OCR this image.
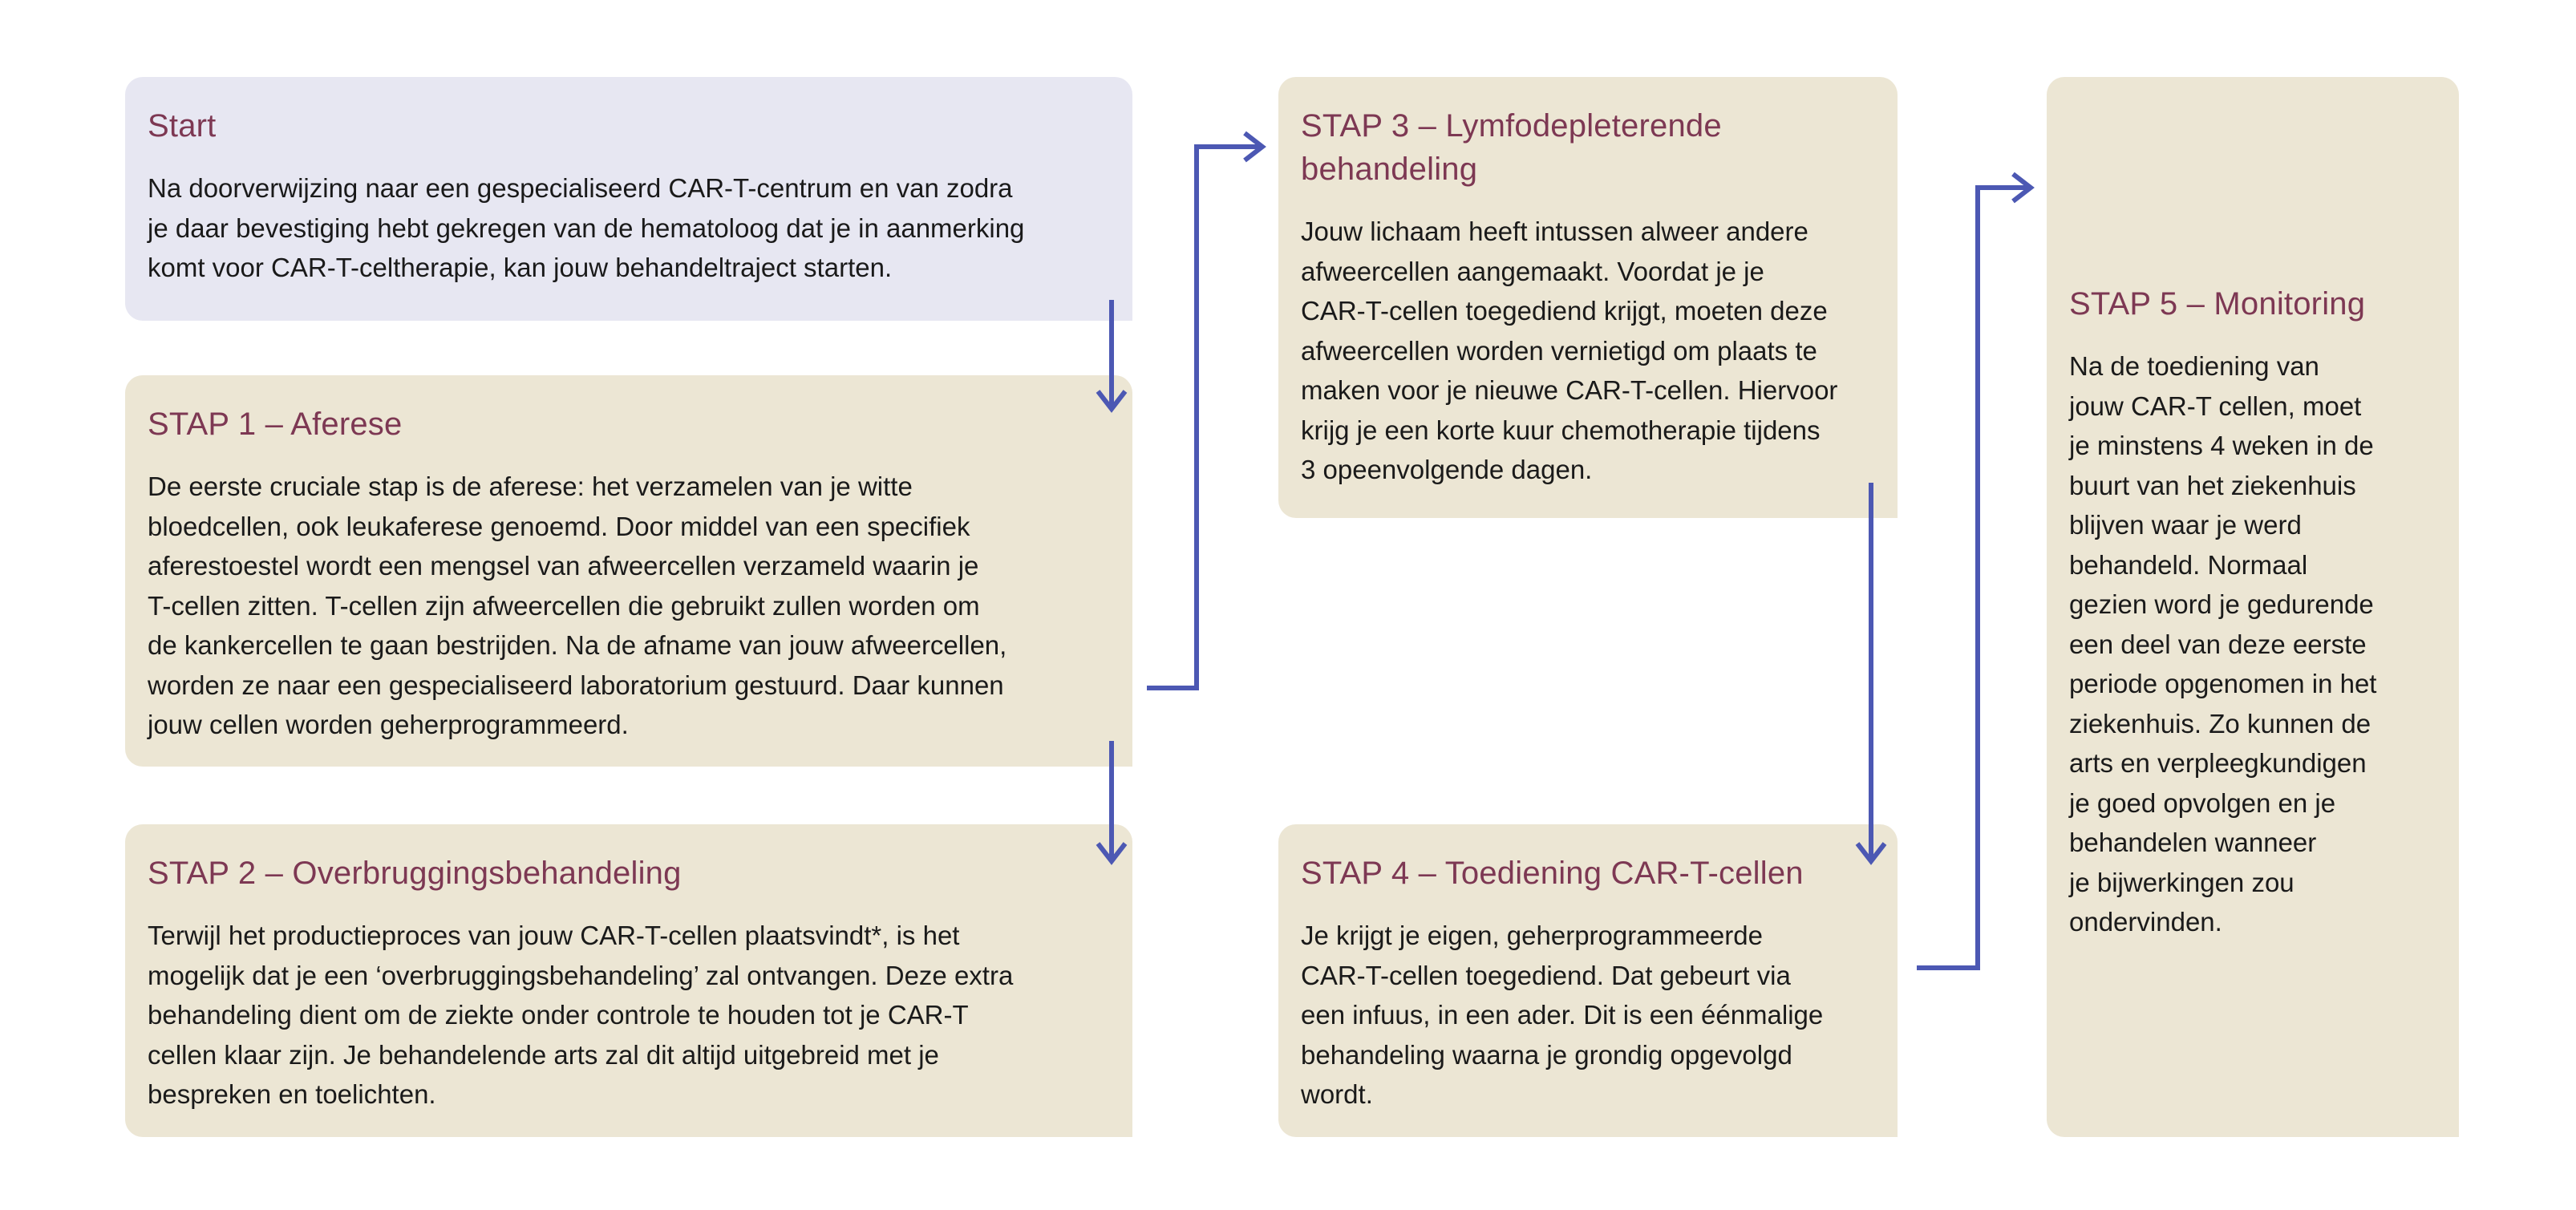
Start

Na doorverwijzing naar een gespecialiseerd CAR-T-centrum en van zodra
je daar bevestiging hebt gekregen van de hematoloog dat je in aanmerking
komt voor CAR-T-celtherapie, kan jouw behandeltraject starten.

STAP 1 – Aferese

De eerste cruciale stap is de aferese: het verzamelen van je witte
bloedcellen, ook leukaferese genoemd. Door middel van een specifiek
aferestoestel wordt een mengsel van afweercellen verzameld waarin je
T-cellen zitten. T-cellen zijn afweercellen die gebruikt zullen worden om
de kankercellen te gaan bestrijden. Na de afname van jouw afweercellen,
worden ze naar een gespecialiseerd laboratorium gestuurd. Daar kunnen
jouw cellen worden geherprogrammeerd.

STAP 2 – Overbruggingsbehandeling

Terwijl het productieproces van jouw CAR-T-cellen plaatsvindt*, is het
mogelijk dat je een ‘overbruggingsbehandeling’ zal ontvangen. Deze extra
behandeling dient om de ziekte onder controle te houden tot je CAR-T
cellen klaar zijn. Je behandelende arts zal dit altijd uitgebreid met je
bespreken en toelichten.

STAP 3 – Lymfodepleterende
behandeling

Jouw lichaam heeft intussen alweer andere
afweercellen aangemaakt. Voordat je je
CAR-T-cellen toegediend krijgt, moeten deze
afweercellen worden vernietigd om plaats te
maken voor je nieuwe CAR-T-cellen. Hiervoor
krijg je een korte kuur chemotherapie tijdens
3 opeenvolgende dagen.

STAP 4 – Toediening CAR-T-cellen

Je krijgt je eigen, geherprogrammeerde
CAR-T-cellen toegediend. Dat gebeurt via
een infuus, in een ader. Dit is een éénmalige
behandeling waarna je grondig opgevolgd
wordt.

STAP 5 – Monitoring

Na de toediening van
jouw CAR-T cellen, moet
je minstens 4 weken in de
buurt van het ziekenhuis
blijven waar je werd
behandeld. Normaal
gezien word je gedurende
een deel van deze eerste
periode opgenomen in het
ziekenhuis. Zo kunnen de
arts en verpleegkundigen
je goed opvolgen en je
behandelen wanneer
je bijwerkingen zou
ondervinden.
